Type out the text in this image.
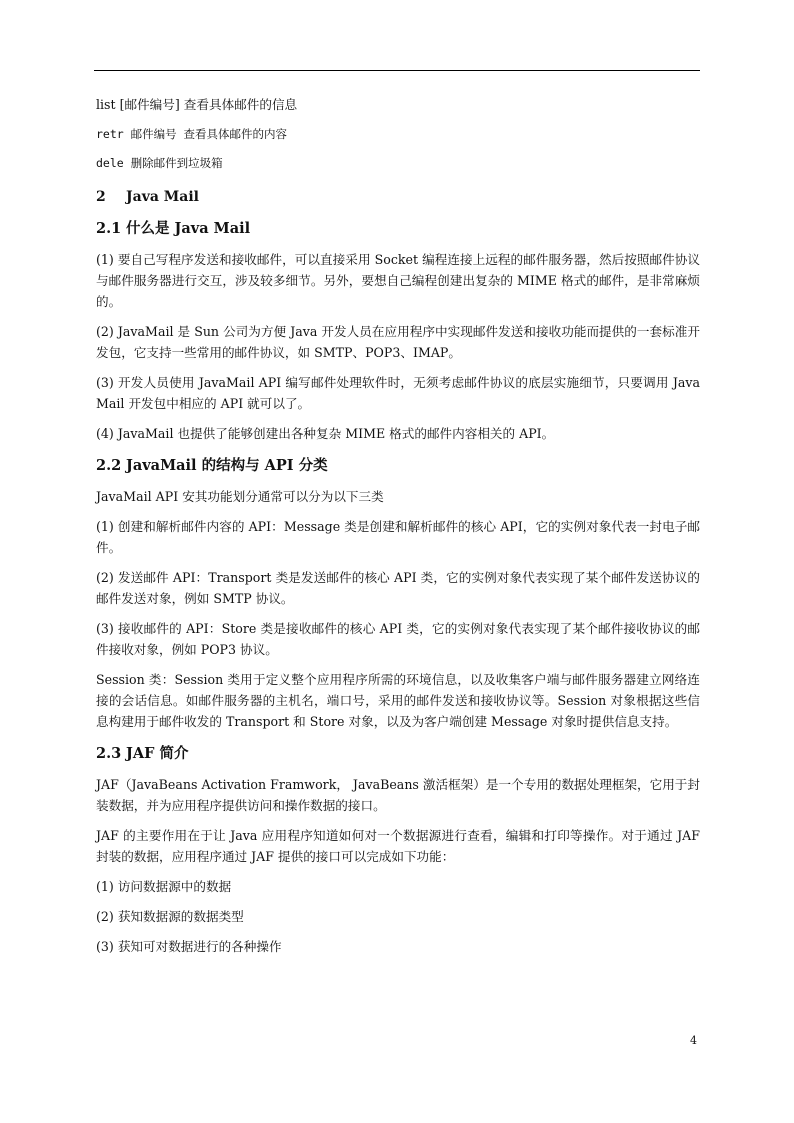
list [邮件编号] 查看具体邮件的信息
retr 邮件编号 查看具体邮件的内容
dele 删除邮件到垃圾箱
2 Java Mail
2.1 什么是 Java Mail

(1) 要自己写程序发送和接收邮件，可以直接采用 Socket 编程连接上远程的邮件服务器，然后按照邮件协议与邮件服务器进行交互，涉及较多细节。另外，要想自己编程创建出复杂的 MIME 格式的邮件，是非常麻烦的。

(2) JavaMail 是 Sun 公司为方便 Java 开发人员在应用程序中实现邮件发送和接收功能而提供的一套标准开发包，它支持一些常用的邮件协议，如 SMTP、POP3、IMAP。

(3) 开发人员使用 JavaMail API 编写邮件处理软件时，无须考虑邮件协议的底层实施细节，只要调用 JavaMail 开发包中相应的 API 就可以了。

(4) JavaMail 也提供了能够创建出各种复杂 MIME 格式的邮件内容相关的 API。

2.2 JavaMail 的结构与 API 分类

JavaMail API 安其功能划分通常可以分为以下三类

(1) 创建和解析邮件内容的 API：Message 类是创建和解析邮件的核心 API，它的实例对象代表一封电子邮件。

(2) 发送邮件 API：Transport 类是发送邮件的核心 API 类，它的实例对象代表实现了某个邮件发送协议的邮件发送对象，例如 SMTP 协议。

(3) 接收邮件的 API：Store 类是接收邮件的核心 API 类，它的实例对象代表实现了某个邮件接收协议的邮件接收对象，例如 POP3 协议。

Session 类：Session 类用于定义整个应用程序所需的环境信息，以及收集客户端与邮件服务器建立网络连接的会话信息。如邮件服务器的主机名，端口号，采用的邮件发送和接收协议等。Session 对象根据这些信息构建用于邮件收发的 Transport 和 Store 对象，以及为客户端创建 Message 对象时提供信息支持。

2.3 JAF 简介

JAF（JavaBeans Activation Framwork， JavaBeans 激活框架）是一个专用的数据处理框架，它用于封装数据，并为应用程序提供访问和操作数据的接口。

JAF 的主要作用在于让 Java 应用程序知道如何对一个数据源进行查看，编辑和打印等操作。对于通过 JAF 封装的数据，应用程序通过 JAF 提供的接口可以完成如下功能：

(1) 访问数据源中的数据

(2) 获知数据源的数据类型

(3) 获知可对数据进行的各种操作

4
